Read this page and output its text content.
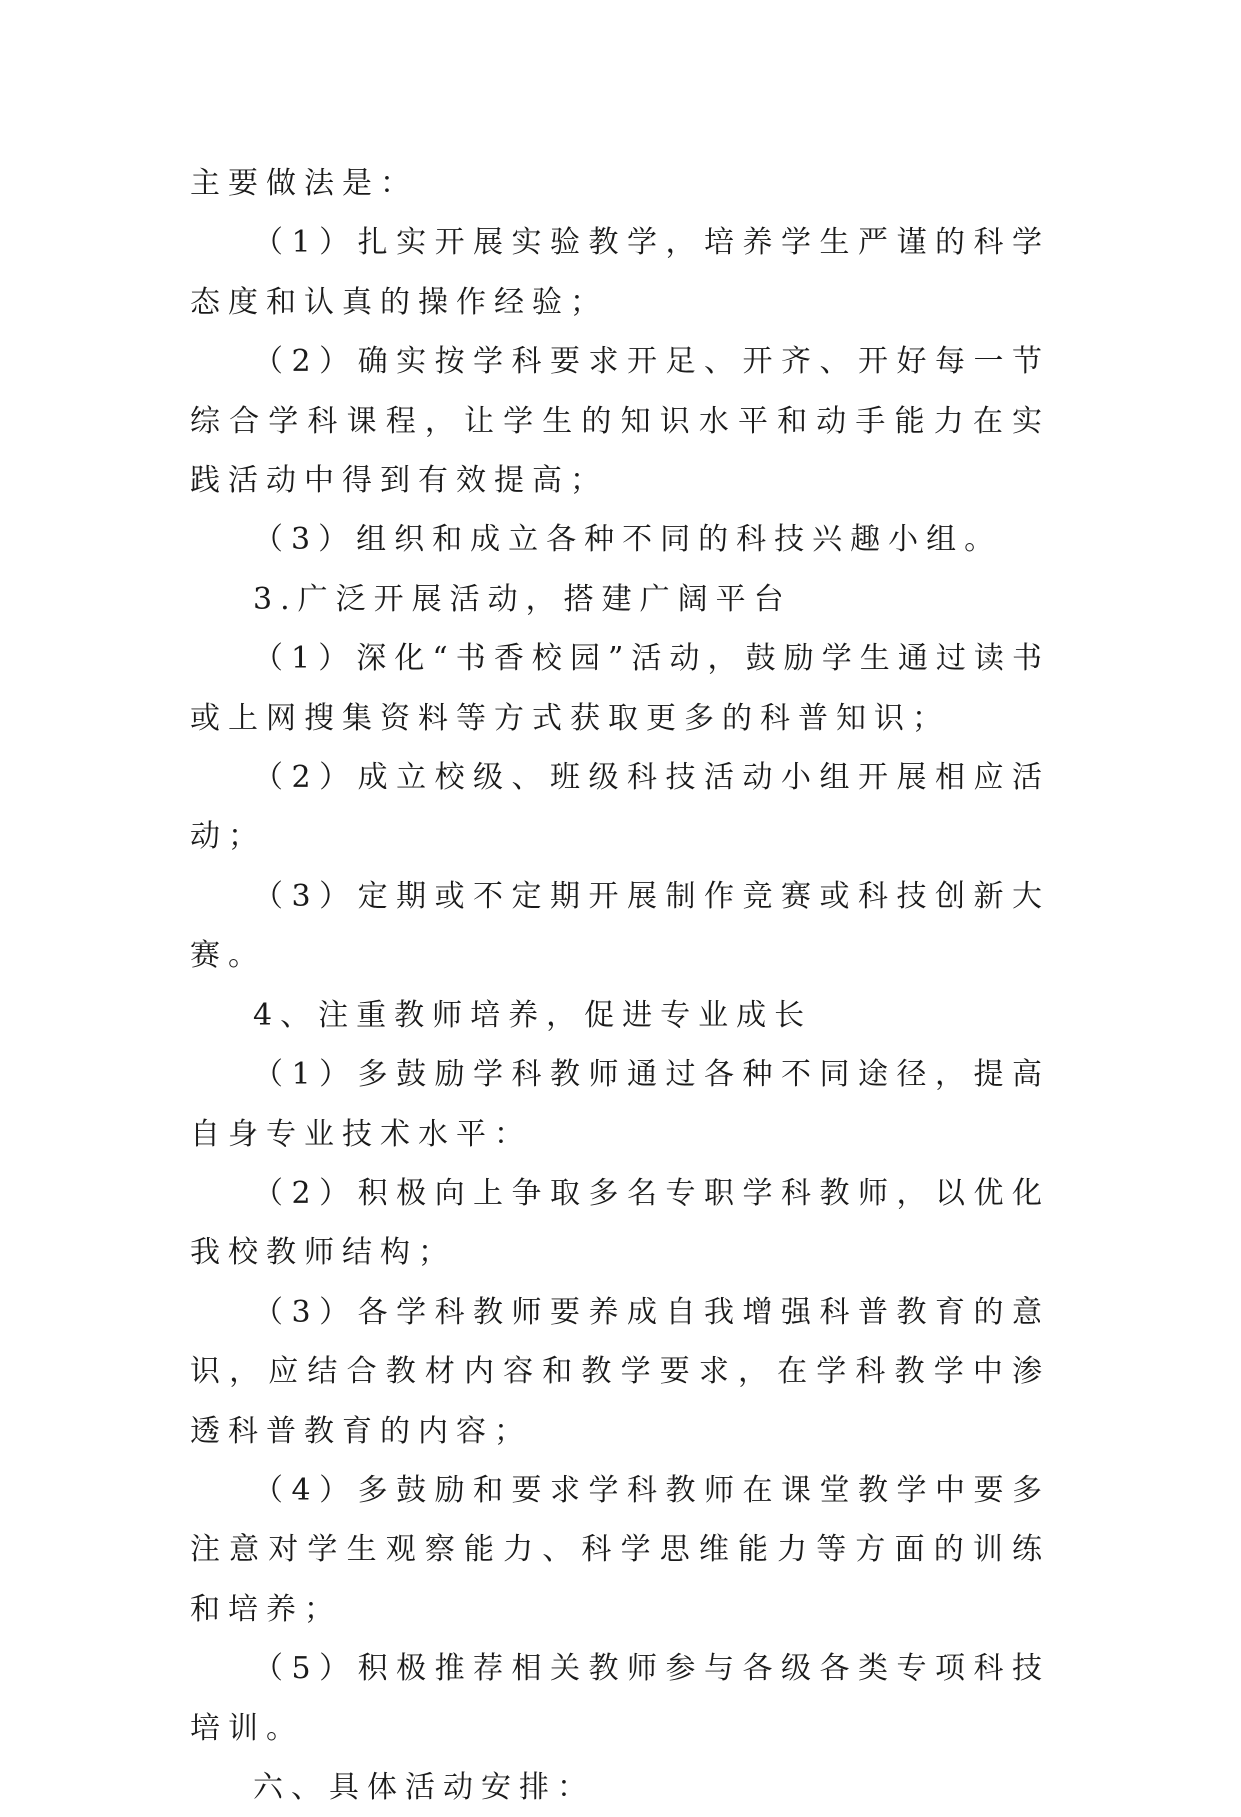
主要做法是：

（1）扎实开展实验教学，培养学生严谨的科学态度和认真的操作经验；

（2）确实按学科要求开足、开齐、开好每一节综合学科课程，让学生的知识水平和动手能力在实践活动中得到有效提高；

（3）组织和成立各种不同的科技兴趣小组。

3.广泛开展活动，搭建广阔平台

（1）深化“书香校园”活动，鼓励学生通过读书或上网搜集资料等方式获取更多的科普知识；

（2）成立校级、班级科技活动小组开展相应活动；

（3）定期或不定期开展制作竞赛或科技创新大赛。

4、注重教师培养，促进专业成长

（1）多鼓励学科教师通过各种不同途径，提高自身专业技术水平：

（2）积极向上争取多名专职学科教师，以优化我校教师结构；

（3）各学科教师要养成自我增强科普教育的意识，应结合教材内容和教学要求，在学科教学中渗透科普教育的内容；

（4）多鼓励和要求学科教师在课堂教学中要多注意对学生观察能力、科学思维能力等方面的训练和培养；

（5）积极推荐相关教师参与各级各类专项科技培训。

六、具体活动安排：
